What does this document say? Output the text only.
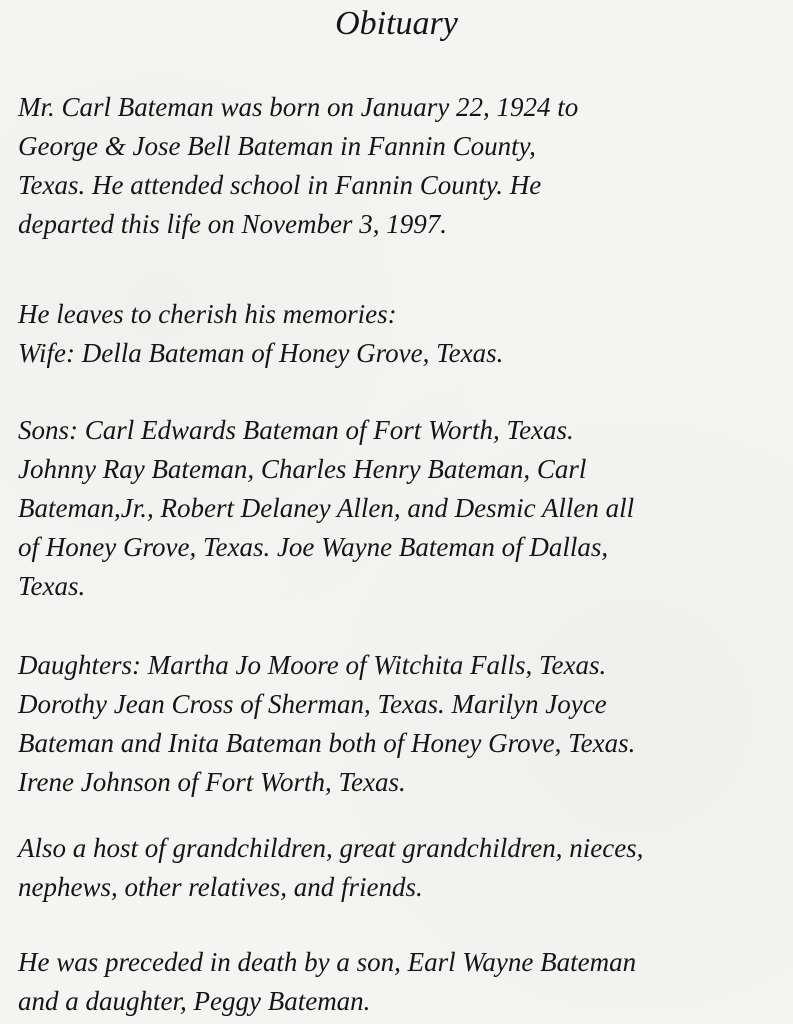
Obituary

Mr. Carl Bateman was born on January 22, 1924 to
George & Jose Bell Bateman in Fannin County,
Texas. He attended school in Fannin County. He
departed this life on November 3, 1997.

He leaves to cherish his memories:
Wife: Della Bateman of Honey Grove, Texas.

Sons: Carl Edwards Bateman of Fort Worth, Texas.
Johnny Ray Bateman, Charles Henry Bateman, Carl
Bateman,Jr., Robert Delaney Allen, and Desmic Allen all
of Honey Grove, Texas. Joe Wayne Bateman of Dallas,
Texas.

Daughters: Martha Jo Moore of Witchita Falls, Texas.
Dorothy Jean Cross of Sherman, Texas. Marilyn Joyce
Bateman and Inita Bateman both of Honey Grove, Texas.
Irene Johnson of Fort Worth, Texas.

Also a host of grandchildren, great grandchildren, nieces,
nephews, other relatives, and friends.

He was preceded in death by a son, Earl Wayne Bateman
and a daughter, Peggy Bateman.
